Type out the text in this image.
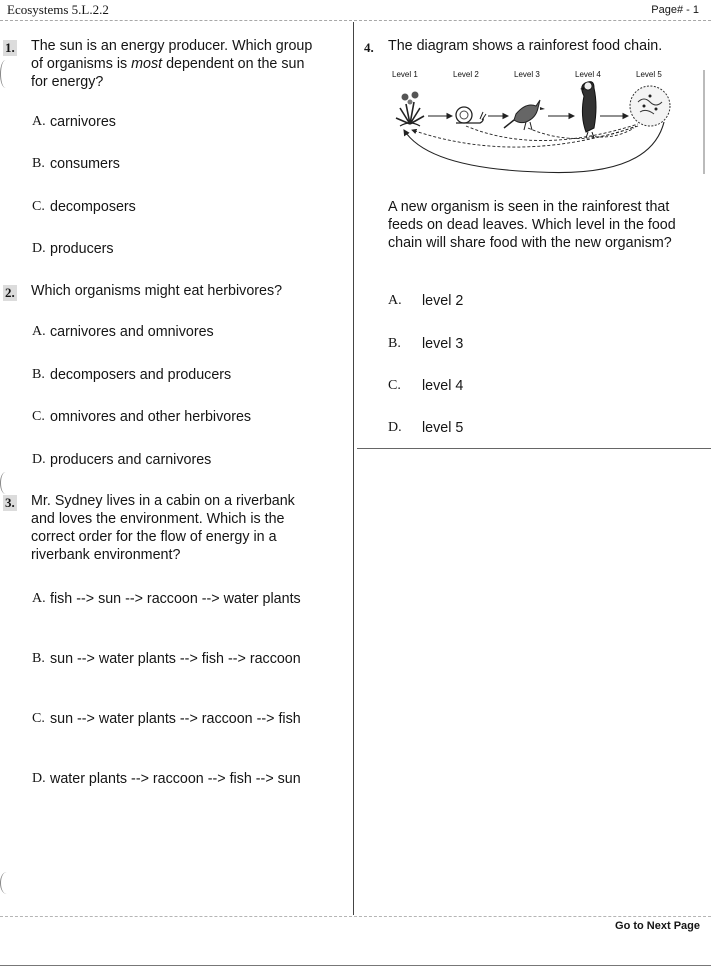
Ecosystems 5.L.2.2	Page# - 1
1. The sun is an energy producer. Which group of organisms is most dependent on the sun for energy?
A. carnivores
B. consumers
C. decomposers
D. producers
2. Which organisms might eat herbivores?
A. carnivores and omnivores
B. decomposers and producers
C. omnivores and other herbivores
D. producers and carnivores
3. Mr. Sydney lives in a cabin on a riverbank and loves the environment. Which is the correct order for the flow of energy in a riverbank environment?
A. fish --> sun --> raccoon --> water plants
B. sun --> water plants --> fish --> raccoon
C. sun --> water plants --> raccoon --> fish
D. water plants --> raccoon --> fish --> sun
4. The diagram shows a rainforest food chain.
Level 1	Level 2	Level 3	Level 4	Level 5
A new organism is seen in the rainforest that feeds on dead leaves. Which level in the food chain will share food with the new organism?
A.	level 2
B.	level 3
C.	level 4
D.	level 5
Go to Next Page
